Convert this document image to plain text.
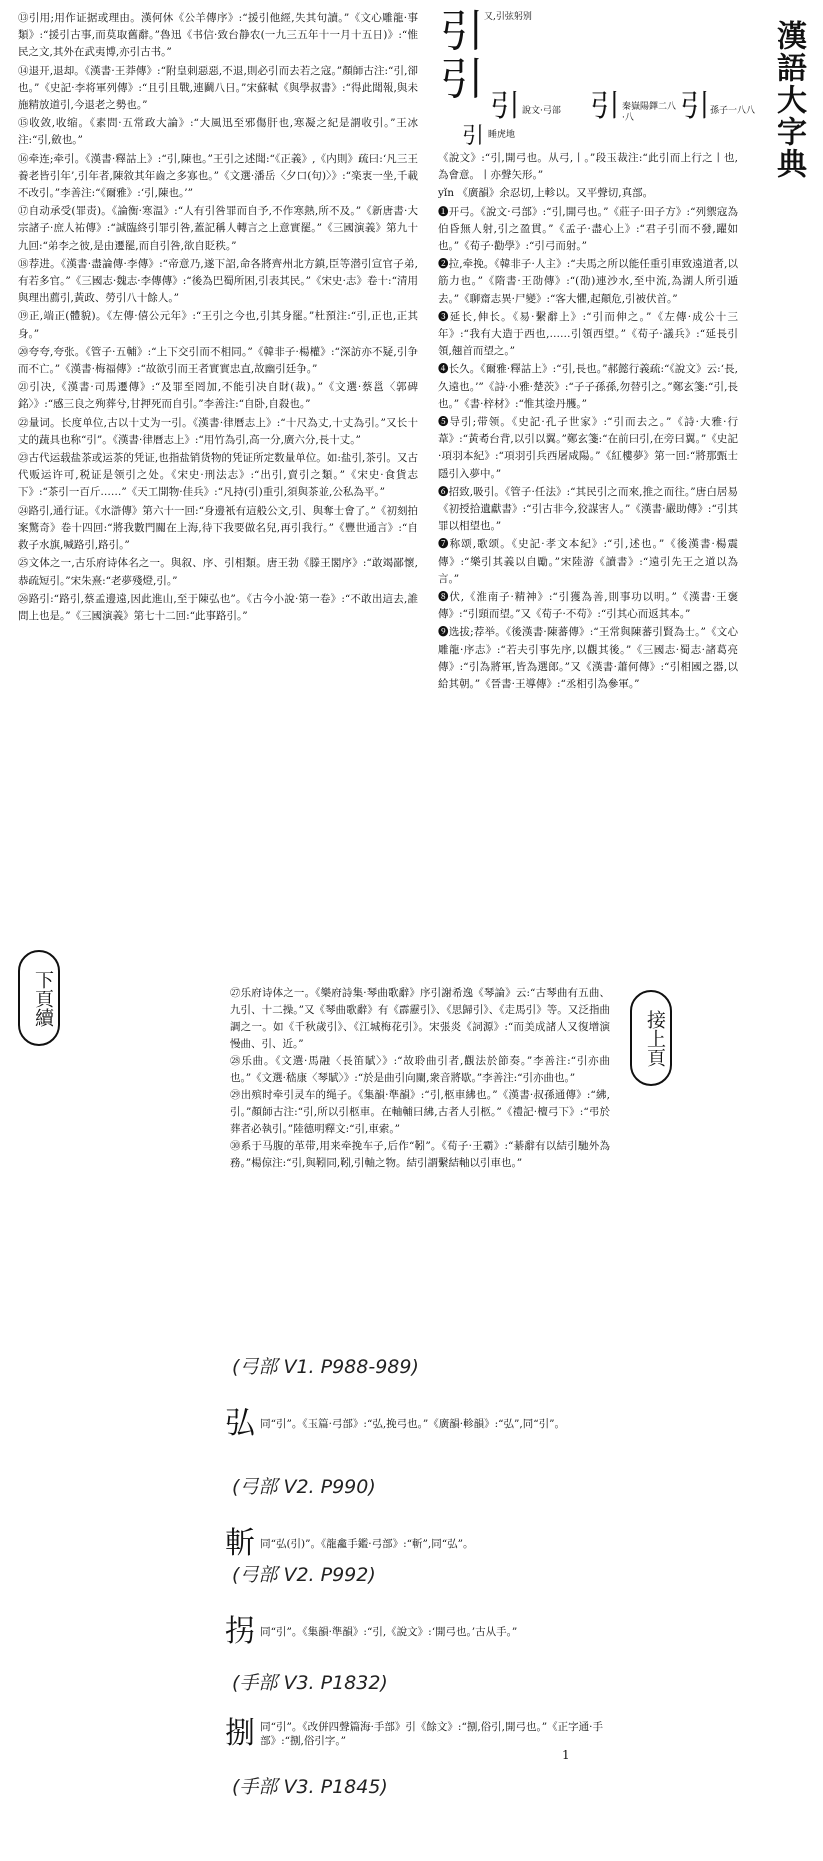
漢語大字典
又,引弦躬别
引
引
引 說文·弓部 引 秦嶽陽鐸二八·八	引 孫子一八八
引 睡虎地

⑬引用;用作证据或理由。漢何休《公羊傳序》:“援引他經,失其句讀。”《文心雕龍·事類》:“援引古事,而莫取舊辭。”魯迅《书信·致台静农(一九三五年十一月十五日)》:“惟民之文,其外在武夷博,亦引古书。”

⑭退开,退却。《漢書·王莽傳》:“附皇刺惡惡,不退,則必引而去若之寇。”顏師古注:“引,卻也。”《史記·李将軍列傳》:“且引且戰,連鬬八日。”宋蘇軾《與學叔書》:“得此聞報,與未施精放道引,今退老之勢也。”

⑮收敛,收缩。《素問·五常政大論》:“大風迅至邪傷肝也,寒凝之紀是謂收引。”王冰注:“引,斂也。”

⑯牵连;牵引。《漢書·釋詁上》:“引,陳也。”王引之述聞:“《正義》,《内則》疏曰:‘凡三王養老皆引年’,引年者,陳敘其年齒之多寡也。”《文選·潘岳〈夕口(句)〉》:“楽衷一坐,千載不改引。”李善注:“《爾雅》:‘引,陳也。’”

⑰自动承受(罪责)。《論衡·寒温》:“人有引咎罪而自予,不作寒熱,所不及。”《新唐書·大宗諸子·庶人祐傳》:“誠臨終引罪引咎,蓋記稱人轉言之上意實罷。”《三國演義》第九十九回:“弟李之彼,是由遷罷,而自引咎,欲自貶秩。”

⑱荐进。《漢書·盡論傳·李傳》:“帝意乃,遂下詔,命各將齊州北方鎮,臣等潜引宣官子弟,有若多官。”《三國志·魏志·李傳傳》:“後為巴蜀所困,引表其民。”《宋史·志》卷十:“清用與理出薦引,黃政、勞引八十餘人。”

⑲正,端正(體貌)。《左傳·僖公元年》:“王引之今也,引其身罷。”杜預注:“引,正也,正其身。”

⑳夸夸,夸张。《管子·五輔》:“上下交引而不相同。”《韓非子·楊權》:“深訪亦不疑,引争而不亡。”《漢書·梅福傳》:“故欲引而王者實實忠直,故幽引廷争。”

㉑引决,《漢書·司馬遷傳》:“及罪至罔加,不能引决自財(裁)。”《文選·蔡邕〈郭碑銘〉》:“感三良之殉葬兮,甘押死而自引。”李善注:“自卧,自殺也。”

㉒量词。长度单位,古以十丈为一引。《漢書·律曆志上》:“十尺為丈,十丈為引。”又长十丈的蔬具也称“引”。《漢書·律曆志上》:“用竹為引,高一分,廣六分,長十丈。”

㉓古代运载盐茶或运茶的凭证,也指盐销货物的凭证所定数量单位。如:盐引,茶引。又古代贩运许可,税证是领引之处。《宋史·刑法志》:“出引,賣引之類。”《宋史·食貨志下》:“茶引一百斤……”《天工開物·佳兵》:“凡持(引)重引,須與茶並,公私為平。”

㉔路引,通行证。《水滸傳》第六十一回:“身邊衹有這般公文,引、與奪士會了。”《初刻拍案驚奇》卷十四回:“將我數門關在上海,待下我要做名兒,再引我行。”《豐世通言》:“自救子水旗,喊路引,路引。”

㉕文体之一,古乐府诗体名之一。與叙、序、引相類。唐王勃《滕王閣序》:“敢竭鄙懷,恭疏短引。”宋朱熹:“老夢殘燈,引。”

㉖路引:“路引,蔡孟邊遠,因此進山,至于陳弘也”。《古今小說·第一卷》:“不敢出這去,誰問上也是。”《三國演義》第七十二回:“此事路引。”

《說文》:“引,開弓也。从弓,丨。”段玉裁注:“此引而上行之丨也,為會意。丨亦聲矢形。”

yǐn 《廣韻》余忍切,上軫以。又平聲切,真部。

❶开弓。《說文·弓部》:“引,開弓也。”《莊子·田子方》:“列禦寇為伯昏無人射,引之盈貫。”《孟子·盡心上》:“君子引而不發,躍如也。”《荀子·勸學》:“引弓而射。”

❷拉,牵挽。《韓非子·人主》:“夫馬之所以能任重引車致遠道者,以筋力也。”《隋書·王劭傳》:“(劭)連沙水,至中流,為湖人所引遁去。”《聊齋志異·尸變》:“客大懼,起顛危,引被伏首。”

❸延长,伸长。《易·繫辭上》:“引而伸之。”《左傳·成公十三年》:“我有大造于西也,……引領西望。”《荀子·議兵》:“延長引領,翹首而望之。”

❹长久。《爾雅·釋詁上》:“引,長也。”郝懿行義疏:“《說文》云:‘長,久遠也。’”《詩·小雅·楚茨》:“子子孫孫,勿替引之。”鄭玄箋:“引,長也。”《書·梓材》:“惟其塗丹雘。”

❺导引;带领。《史記·孔子世家》:“引而去之。”《詩·大雅·行葦》:“黃耇台背,以引以翼。”鄭玄箋:“在前曰引,在旁曰翼。”《史記·項羽本紀》:“項羽引兵西屠咸陽。”《紅樓夢》第一回:“將那甄士隱引入夢中。”

❻招致,吸引。《管子·任法》:“其民引之而來,推之而往。”唐白居易《初授拾遺獻書》:“引古非今,狡謀害人。”《漢書·嚴助傳》:“引其罪以相望也。”

❼称颂,歌颂。《史記·孝文本紀》:“引,述也。”《後漢書·楊震傳》:“樂引其義以自勵。”宋陸游《讀書》:“遠引先王之道以為言。”

❽伏,《淮南子·精神》:“引獲為善,則事功以明。”《漢書·王褒傳》:“引頸而望。”又《荀子·不苟》:“引其心而返其本。”

❾选拔;荐举。《後漢書·陳蕃傳》:“王常與陳蕃引賢為士。”《文心雕龍·序志》:“若夫引事先序,以觀其後。”《三國志·蜀志·諸葛亮傳》:“引為將軍,皆為選郎。”又《漢書·蕭何傳》:“引相國之器,以給其朝。”《晉書·王導傳》:“丞相引為參軍。”

下頁續
接上頁

㉗乐府诗体之一。《樂府詩集·琴曲歌辭》序引謝希逸《琴論》云:“古琴曲有五曲、九引、十二操。”又《琴曲歌辭》有《霹靂引》、《思歸引》、《走馬引》等。又泛指曲調之一。如《千秋歲引》、《江城梅花引》。宋張炎《詞源》:“而美成諸人又復增演慢曲、引、近。”

㉘乐曲。《文選·馬融〈長笛賦〉》:“故聆曲引者,觀法於節奏。”李善注:“引亦曲也。”《文選·嵇康〈琴賦〉》:“於是曲引向闌,衆音將歇。”李善注:“引亦曲也。”

㉙出殡时牵引灵车的绳子。《集韻·準韻》:“引,柩車紼也。”《漢書·叔孫通傳》:“紼,引。”顏師古注:“引,所以引柩車。在軸輔曰紼,古者人引柩。”《禮記·檀弓下》:“弔於葬者必執引。”陸德明釋文:“引,車索。”

㉚系于马腹的革带,用来牵挽车子,后作“靷”。《荀子·王霸》:“綦辭有以結引馳外為務。”楊倞注:“引,與靷同,靷,引軸之物。結引謂繫結軸以引車也。”

(弓部 V1. P988-989)
弘 同“引”。《玉篇·弓部》:“弘,挽弓也。”《廣韻·軫韻》:“弘”,同“引”。
(弓部 V2. P990)
斬 同“弘(引)”。《龍龕手鑑·弓部》:“斬”,同“弘”。
(弓部 V2. P992)
拐 同“引”。《集韻·準韻》:“引,《說文》:‘開弓也。’古从手。”
(手部 V3. P1832)
捌 同“引”。《改併四聲篇海·手部》引《餘文》:“捌,俗引,開弓也。”《正字通·手部》:“捌,俗引字。”
1
(手部 V3. P1845)
